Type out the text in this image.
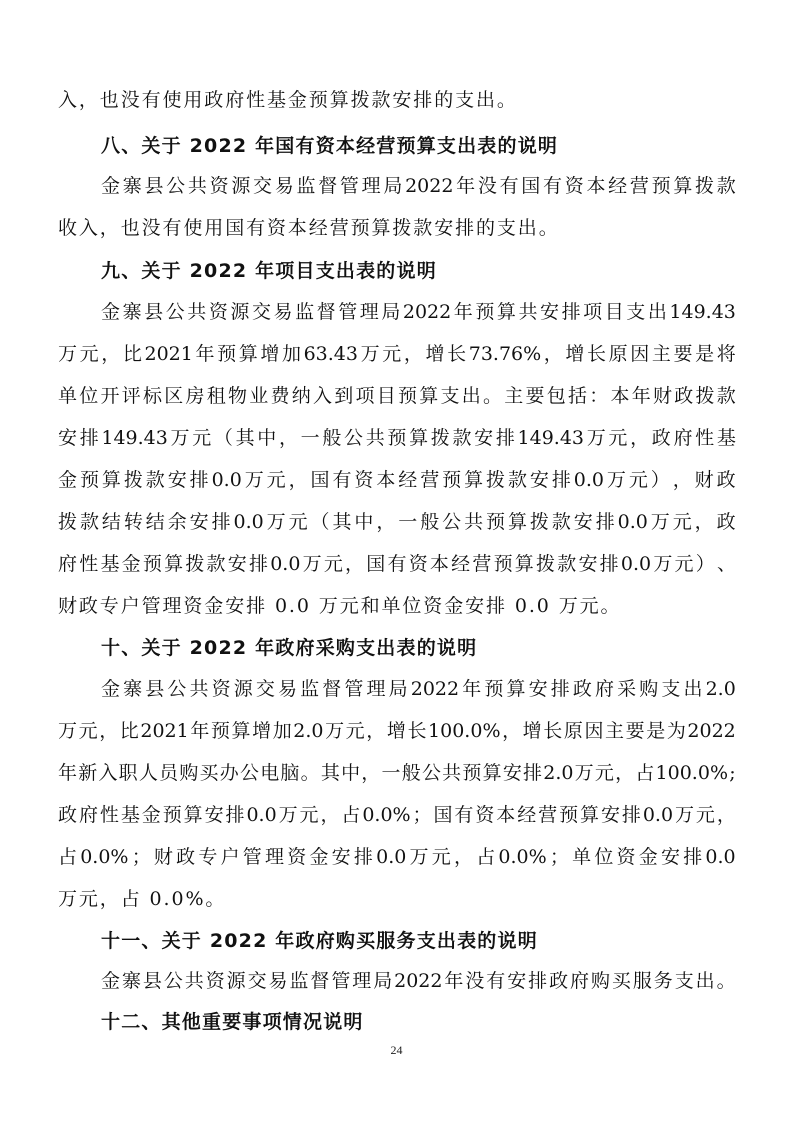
入，也没有使用政府性基金预算拨款安排的支出。
八、关于 2022 年国有资本经营预算支出表的说明
金 寨 县 公 共 资 源 交 易 监 督 管 理 局 2022 年 没 有 国 有 资 本 经 营 预 算 拨 款
收入，也没有使用国有资本经营预算拨款安排的支出。
九、关于 2022 年项目支出表的说明
金 寨 县 公 共 资 源 交 易 监 督 管 理 局 2022 年 预 算 共 安 排 项 目 支 出 149.43
万 元 ， 比 2021 年 预 算 增 加 63.43 万 元 ， 增 长 73.76% ， 增 长 原 因 主 要 是 将
单 位 开 评 标 区 房 租 物 业 费 纳 入 到 项 目 预 算 支 出 。 主 要 包 括 ： 本 年 财 政 拨 款
安 排 149.43 万 元 （ 其 中 ， 一 般 公 共 预 算 拨 款 安 排 149.43 万 元 ， 政 府 性 基
金 预 算 拨 款 安 排 0.0 万 元 ， 国 有 资 本 经 营 预 算 拨 款 安 排 0.0 万 元 ） ， 财 政
拨 款 结 转 结 余 安 排 0.0 万 元 （ 其 中 ， 一 般 公 共 预 算 拨 款 安 排 0.0 万 元 ， 政
府 性 基 金 预 算 拨 款 安 排 0.0 万 元 ， 国 有 资 本 经 营 预 算 拨 款 安 排 0.0 万 元 ） 、
财政专户管理资金安排 0.0 万元和单位资金安排 0.0 万元。
十、关于 2022 年政府采购支出表的说明
金 寨 县 公 共 资 源 交 易 监 督 管 理 局 2022 年 预 算 安 排 政 府 采 购 支 出 2.0
万 元 ， 比 2021 年 预 算 增 加 2.0 万 元 ， 增 长 100.0% ， 增 长 原 因 主 要 是 为 2022
年 新 入 职 人 员 购 买 办 公 电 脑 。 其 中 ， 一 般 公 共 预 算 安 排 2.0 万 元 ， 占 100.0% ;
政 府 性 基 金 预 算 安 排 0.0 万 元 ， 占 0.0% ； 国 有 资 本 经 营 预 算 安 排 0.0 万 元 ，
占 0.0% ； 财 政 专 户 管 理 资 金 安 排 0.0 万 元 ， 占 0.0% ； 单 位 资 金 安 排 0.0
万元，占 0.0%。
十一、关于 2022 年政府购买服务支出表的说明
金 寨 县 公 共 资 源 交 易 监 督 管 理 局 2022 年 没 有 安 排 政 府 购 买 服 务 支 出 。
十二、其他重要事项情况说明
24
